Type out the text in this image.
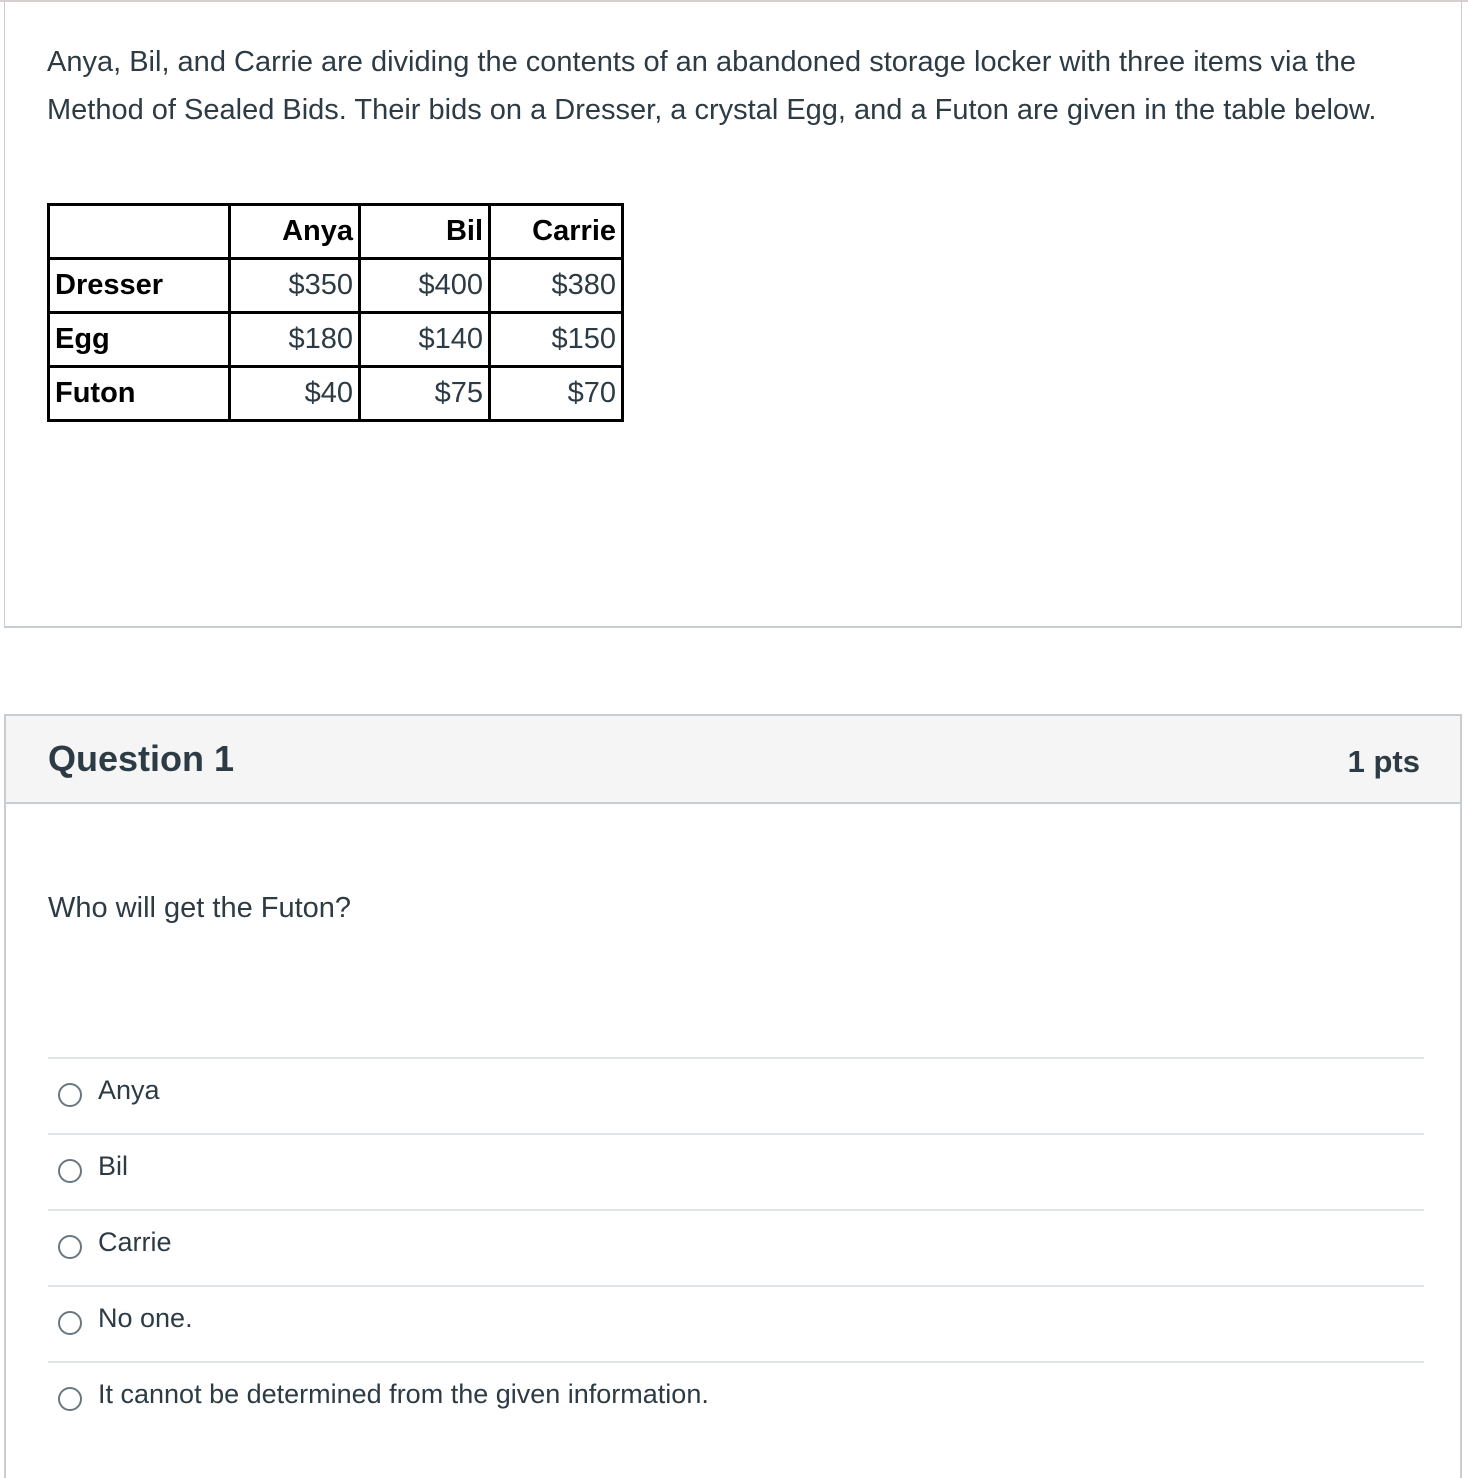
Anya, Bil, and Carrie are dividing the contents of an abandoned storage locker with three items via the Method of Sealed Bids. Their bids on a Dresser, a crystal Egg, and a Futon are given in the table below.

	Anya	Bil	Carrie
Dresser	$350	$400	$380
Egg	$180	$140	$150
Futon	$40	$75	$70
Question 1	1 pts

Who will get the Futon?

Anya
Bil
Carrie
No one.
It cannot be determined from the given information.
